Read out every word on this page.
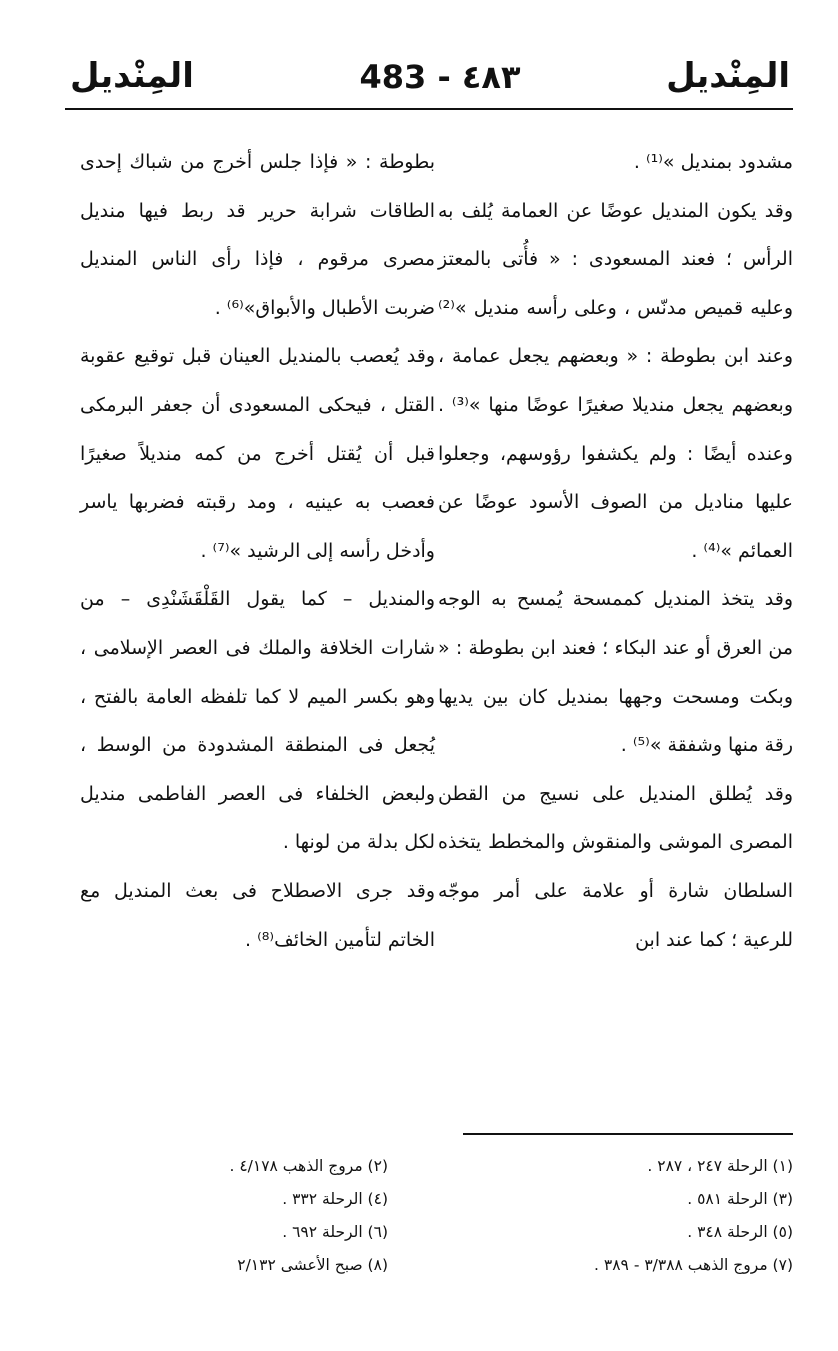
المِنْديل
483 - ٤٨٣
المِنْديل

مشدود بمنديل »⁽¹⁾ .

وقد يكون المنديل عوضًا عن العمامة يُلف به الرأس ؛ فعند المسعودى : « فأُتى بالمعتز وعليه قميص مدنّس ، وعلى رأسه منديل »⁽²⁾ وعند ابن بطوطة : « وبعضهم يجعل عمامة ، وبعضهم يجعل منديلا صغيرًا عوضًا منها »⁽³⁾ . وعنده أيضًا : ولم يكشفوا رؤوسهم، وجعلوا عليها مناديل من الصوف الأسود عوضًا عن العمائم »⁽⁴⁾ .

وقد يتخذ المنديل كممسحة يُمسح به الوجه من العرق أو عند البكاء ؛ فعند ابن بطوطة : « وبكت ومسحت وجهها بمنديل كان بين يديها رقة منها وشفقة »⁽⁵⁾ .

وقد يُطلق المنديل على نسيج من القطن المصرى الموشى والمنقوش والمخطط يتخذه السلطان شارة أو علامة على أمر موجّه للرعية ؛ كما عند ابن

بطوطة : « فإذا جلس أخرج من شباك إحدى الطاقات شرابة حرير قد ربط فيها منديل مصرى مرقوم ، فإذا رأى الناس المنديل ضربت الأطبال والأبواق»⁽⁶⁾ .

وقد يُعصب بالمنديل العينان قبل توقيع عقوبة القتل ، فيحكى المسعودى أن جعفر البرمكى قبل أن يُقتل أخرج من كمه منديلاً صغيرًا فعصب به عينيه ، ومد رقبته فضربها ياسر وأدخل رأسه إلى الرشيد »⁽⁷⁾ .

والمنديل – كما يقول القَلْقَشَنْدِى – من شارات الخلافة والملك فى العصر الإسلامى ، وهو بكسر الميم لا كما تلفظه العامة بالفتح ، يُجعل فى المنطقة المشدودة من الوسط ، ولبعض الخلفاء فى العصر الفاطمى منديل لكل بدلة من لونها .

وقد جرى الاصطلاح فى بعث المنديل مع الخاتم لتأمين الخائف⁽⁸⁾ .

(١) الرحلة ٢٤٧ ، ٢٨٧ .
(٣) الرحلة ٥٨١ .
(٥) الرحلة ٣٤٨ .
(٧) مروج الذهب ٣/٣٨٨ - ٣٨٩ .
(٢) مروج الذهب ٤/١٧٨ .
(٤) الرحلة ٣٣٢ .
(٦) الرحلة ٦٩٢ .
(٨) صبح الأعشى ٢/١٣٢
